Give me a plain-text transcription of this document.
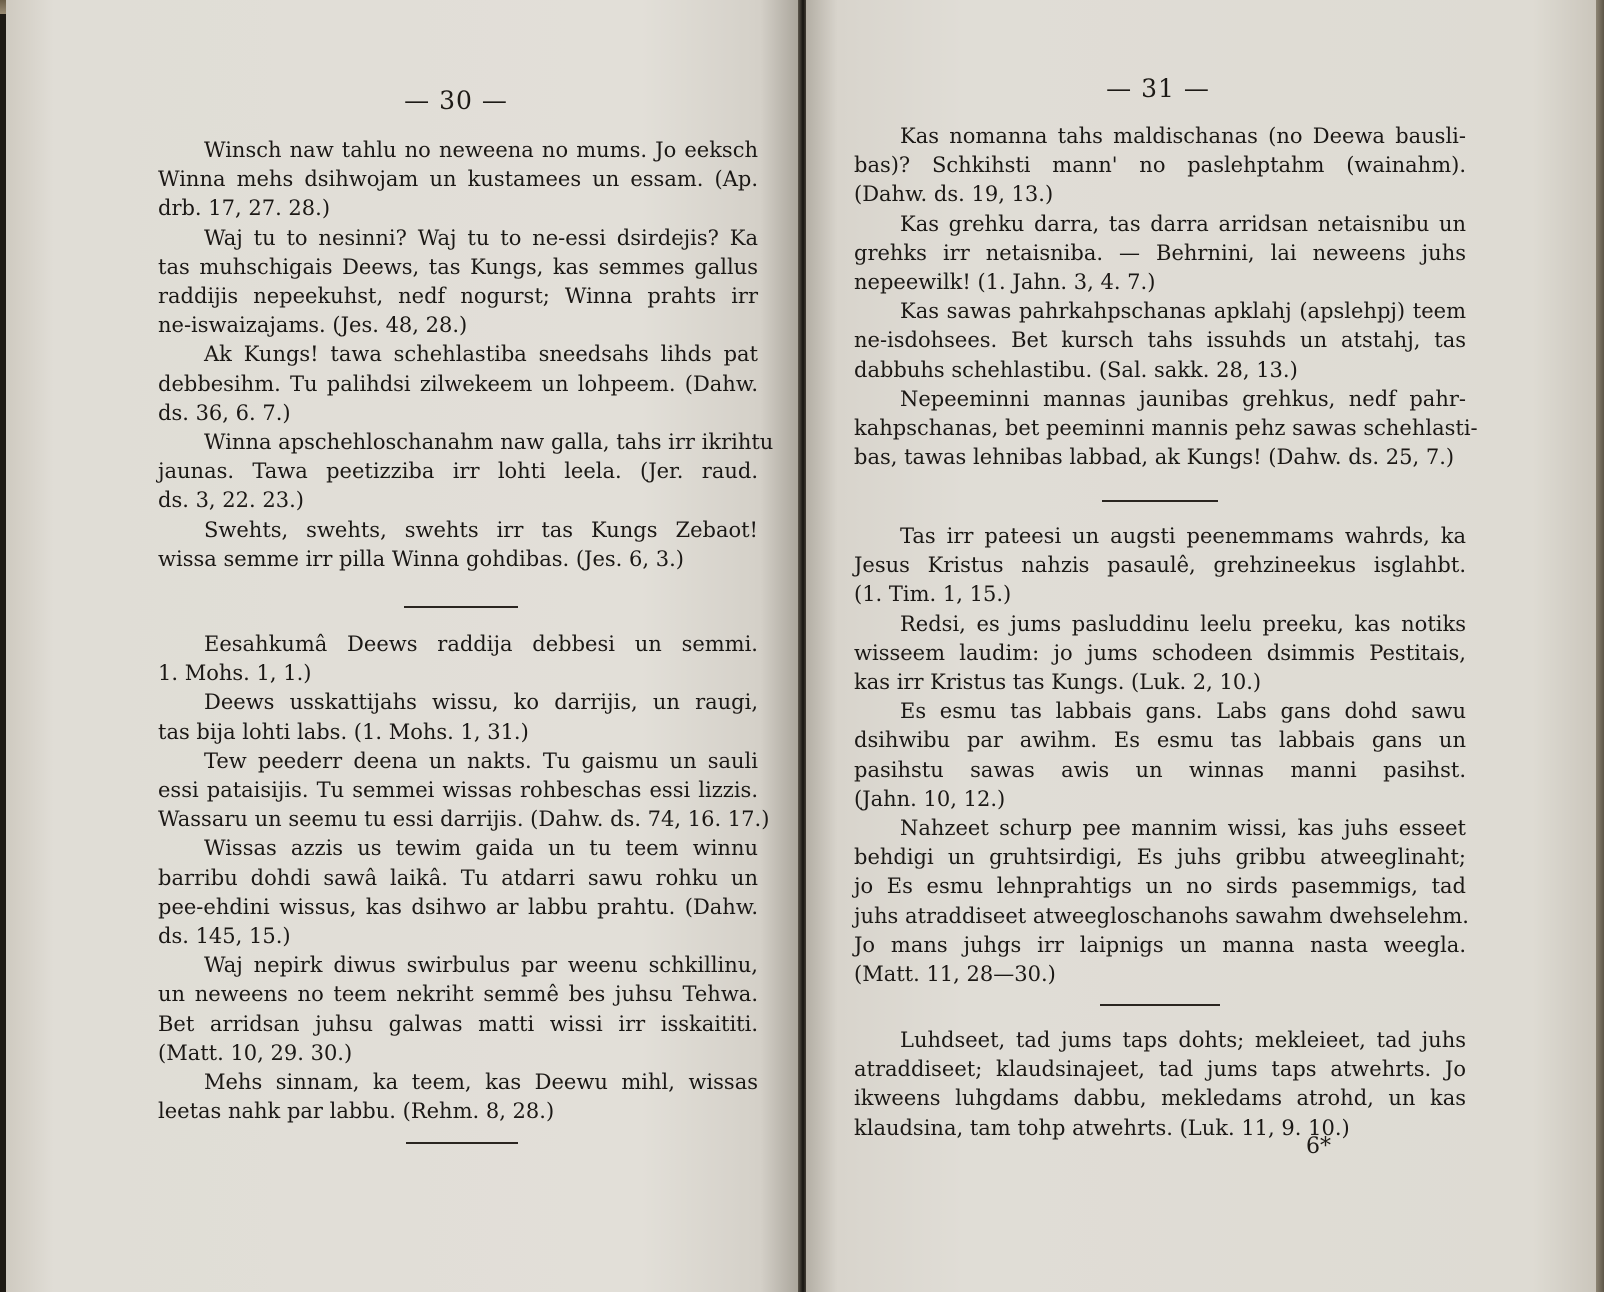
— 30 —
Winsch naw tahlu no neweena no mums. Jo eeksch
Winna mehs dsihwojam un kustamees un essam. (Ap.
drb. 17, 27. 28.)
Waj tu to nesinni? Waj tu to ne-essi dsirdejis? Ka
tas muhschigais Deews, tas Kungs, kas semmes gallus
raddijis nepeekuhst, nedf nogurst; Winna prahts irr
ne-iswaizajams. (Jes. 48, 28.)
Ak Kungs! tawa schehlastiba sneedsahs lihds pat
debbesihm. Tu palihdsi zilwekeem un lohpeem. (Dahw.
ds. 36, 6. 7.)
Winna apschehloschanahm naw galla, tahs irr ikrihtu
jaunas. Tawa peetizziba irr lohti leela. (Jer. raud.
ds. 3, 22. 23.)
Swehts, swehts, swehts irr tas Kungs Zebaot!
wissa semme irr pilla Winna gohdibas. (Jes. 6, 3.)
Eesahkumâ Deews raddija debbesi un semmi.
1. Mohs. 1, 1.)
Deews usskattijahs wissu, ko darrijis, un raugi,
tas bija lohti labs. (1. Mohs. 1, 31.)
Tew peederr deena un nakts. Tu gaismu un sauli
essi pataisijis. Tu semmei wissas rohbeschas essi lizzis.
Wassaru un seemu tu essi darrijis. (Dahw. ds. 74, 16. 17.)
Wissas azzis us tewim gaida un tu teem winnu
barribu dohdi sawâ laikâ. Tu atdarri sawu rohku un
pee-ehdini wissus, kas dsihwo ar labbu prahtu. (Dahw.
ds. 145, 15.)
Waj nepirk diwus swirbulus par weenu schkillinu,
un neweens no teem nekriht semmê bes juhsu Tehwa.
Bet arridsan juhsu galwas matti wissi irr isskaititi.
(Matt. 10, 29. 30.)
Mehs sinnam, ka teem, kas Deewu mihl, wissas
leetas nahk par labbu. (Rehm. 8, 28.)
— 31 —
Kas nomanna tahs maldischanas (no Deewa bausli-
bas)? Schkihsti mann' no paslehptahm (wainahm).
(Dahw. ds. 19, 13.)
Kas grehku darra, tas darra arridsan netaisnibu un
grehks irr netaisniba. — Behrnini, lai neweens juhs
nepeewilk! (1. Jahn. 3, 4. 7.)
Kas sawas pahrkahpschanas apklahj (apslehpj) teem
ne-isdohsees. Bet kursch tahs issuhds un atstahj, tas
dabbuhs schehlastibu. (Sal. sakk. 28, 13.)
Nepeeminni mannas jaunibas grehkus, nedf pahr-
kahpschanas, bet peeminni mannis pehz sawas schehlasti-
bas, tawas lehnibas labbad, ak Kungs! (Dahw. ds. 25, 7.)
Tas irr pateesi un augsti peenemmams wahrds, ka
Jesus Kristus nahzis pasaulê, grehzineekus isglahbt.
(1. Tim. 1, 15.)
Redsi, es jums pasluddinu leelu preeku, kas notiks
wisseem laudim: jo jums schodeen dsimmis Pestitais,
kas irr Kristus tas Kungs. (Luk. 2, 10.)
Es esmu tas labbais gans. Labs gans dohd sawu
dsihwibu par awihm. Es esmu tas labbais gans un
pasihstu sawas awis un winnas manni pasihst.
(Jahn. 10, 12.)
Nahzeet schurp pee mannim wissi, kas juhs esseet
behdigi un gruhtsirdigi, Es juhs gribbu atweeglinaht;
jo Es esmu lehnprahtigs un no sirds pasemmigs, tad
juhs atraddiseet atweegloschanohs sawahm dwehselehm.
Jo mans juhgs irr laipnigs un manna nasta weegla.
(Matt. 11, 28—30.)
Luhdseet, tad jums taps dohts; mekleieet, tad juhs
atraddiseet; klaudsinajeet, tad jums taps atwehrts. Jo
ikweens luhgdams dabbu, mekledams atrohd, un kas
klaudsina, tam tohp atwehrts. (Luk. 11, 9. 10.)
6*
